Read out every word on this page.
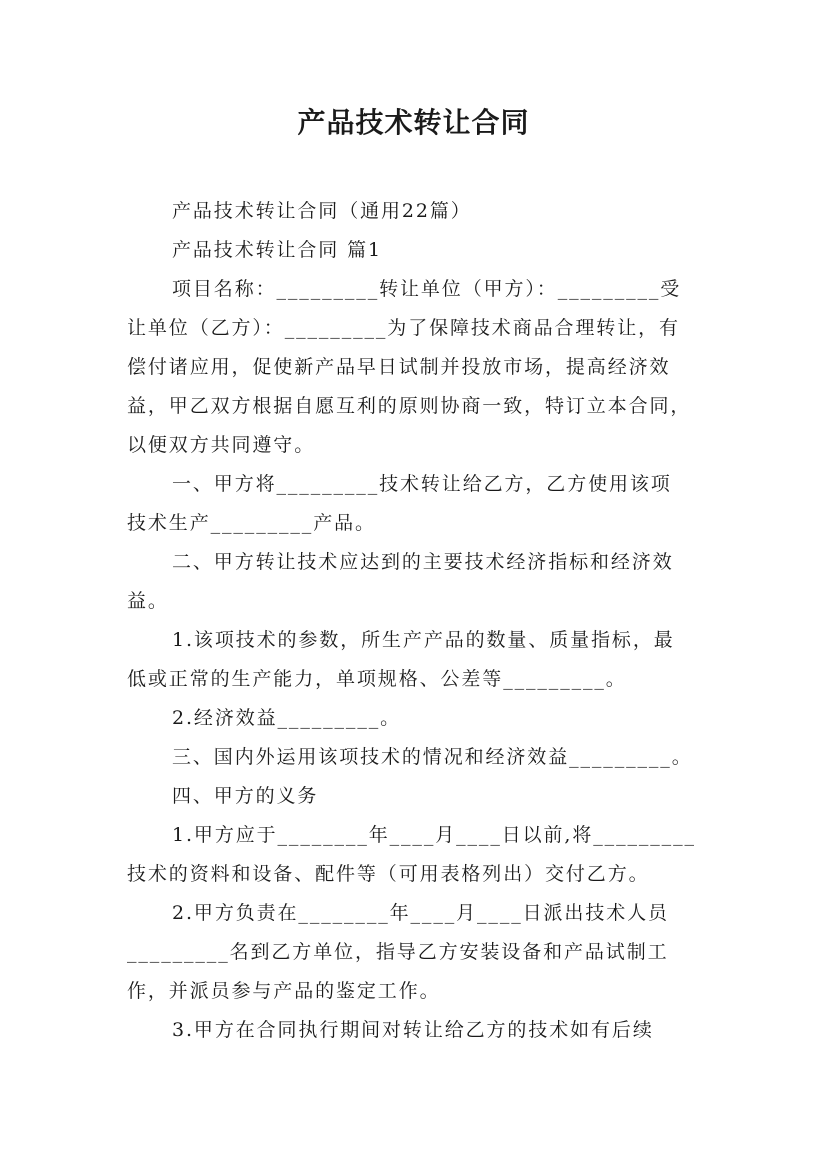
产品技术转让合同

产品技术转让合同（通用22篇）

产品技术转让合同 篇1

项目名称：_________转让单位（甲方）：_________受

让单位（乙方）：_________为了保障技术商品合理转让，有

偿付诸应用，促使新产品早日试制并投放市场，提高经济效

益，甲乙双方根据自愿互利的原则协商一致，特订立本合同，

以便双方共同遵守。

一、甲方将_________技术转让给乙方，乙方使用该项

技术生产_________产品。

二、甲方转让技术应达到的主要技术经济指标和经济效

益。

1.该项技术的参数，所生产产品的数量、质量指标，最

低或正常的生产能力，单项规格、公差等_________。

2.经济效益_________。

三、国内外运用该项技术的情况和经济效益_________。

四、甲方的义务

1.甲方应于________年____月____日以前,将_________

技术的资料和设备、配件等（可用表格列出）交付乙方。

2.甲方负责在________年____月____日派出技术人员

_________名到乙方单位，指导乙方安装设备和产品试制工

作，并派员参与产品的鉴定工作。

3.甲方在合同执行期间对转让给乙方的技术如有后续
